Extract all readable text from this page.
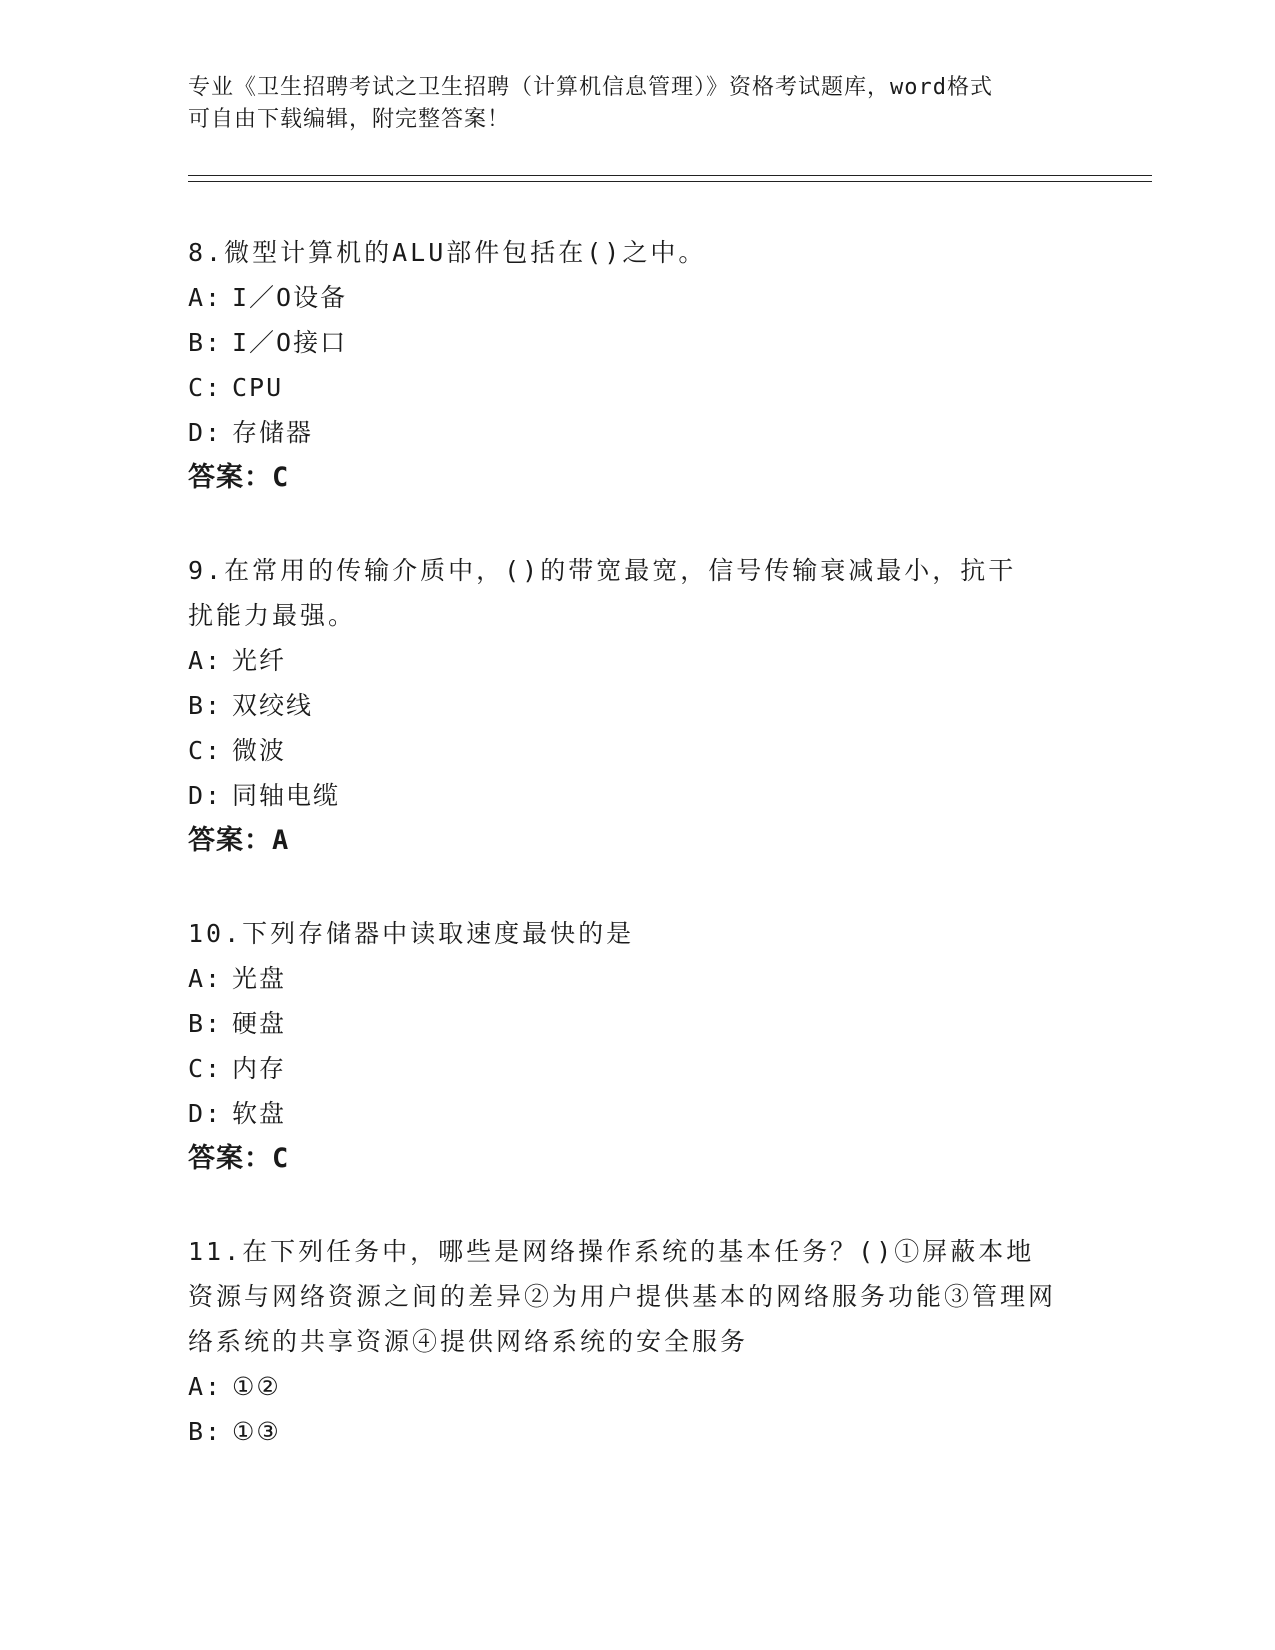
专业《卫生招聘考试之卫生招聘（计算机信息管理）》资格考试题库，word格式
可自由下载编辑，附完整答案！

8.微型计算机的ALU部件包括在()之中。

A: I／O设备

B: I／O接口

C: CPU

D: 存储器

答案：C

9.在常用的传输介质中，()的带宽最宽，信号传输衰减最小，抗干扰能力最强。

A: 光纤

B: 双绞线

C: 微波

D: 同轴电缆

答案：A

10.下列存储器中读取速度最快的是

A: 光盘

B: 硬盘

C: 内存

D: 软盘

答案：C

11.在下列任务中，哪些是网络操作系统的基本任务？()①屏蔽本地资源与网络资源之间的差异②为用户提供基本的网络服务功能③管理网络系统的共享资源④提供网络系统的安全服务

A: ①②

B: ①③
